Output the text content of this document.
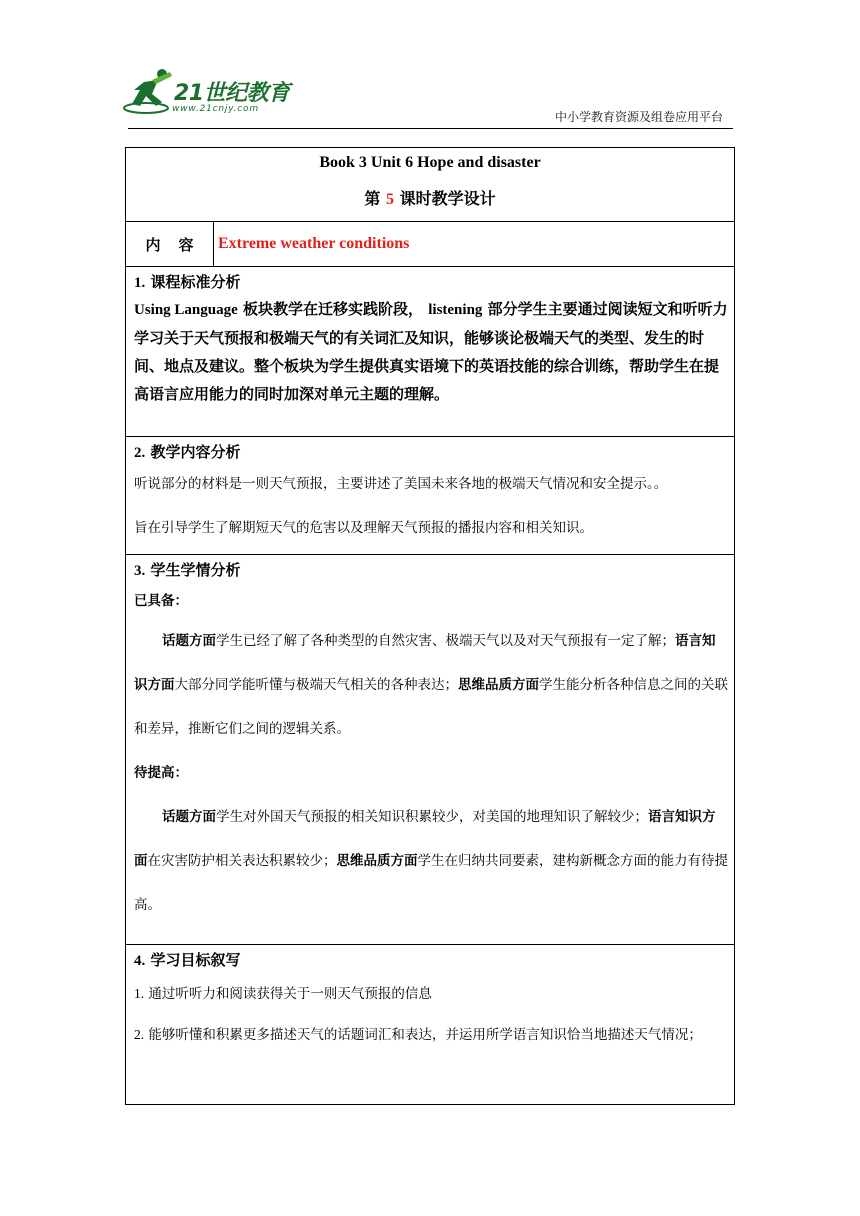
21世纪教育
www.21cnjy.com
中小学教育资源及组卷应用平台
Book 3 Unit 6 Hope and disaster
第 5 课时教学设计

内容	Extreme weather conditions

1. 课程标准分析
Using Language 板块教学在迁移实践阶段， listening 部分学生主要通过阅读短文和听听力学习关于天气预报和极端天气的有关词汇及知识，能够谈论极端天气的类型、发生的时间、地点及建议。整个板块为学生提供真实语境下的英语技能的综合训练，帮助学生在提高语言应用能力的同时加深对单元主题的理解。

2. 教学内容分析
听说部分的材料是一则天气预报，主要讲述了美国未来各地的极端天气情况和安全提示。。
旨在引导学生了解期短天气的危害以及理解天气预报的播报内容和相关知识。

3. 学生学情分析
已具备：
话题方面学生已经了解了各种类型的自然灾害、极端天气以及对天气预报有一定了解；语言知识方面大部分同学能听懂与极端天气相关的各种表达；思维品质方面学生能分析各种信息之间的关联和差异，推断它们之间的逻辑关系。
待提高：
话题方面学生对外国天气预报的相关知识积累较少，对美国的地理知识了解较少；语言知识方面在灾害防护相关表达积累较少；思维品质方面学生在归纳共同要素，建构新概念方面的能力有待提高。

4. 学习目标叙写
1. 通过听听力和阅读获得关于一则天气预报的信息
2. 能够听懂和积累更多描述天气的话题词汇和表达，并运用所学语言知识恰当地描述天气情况；
